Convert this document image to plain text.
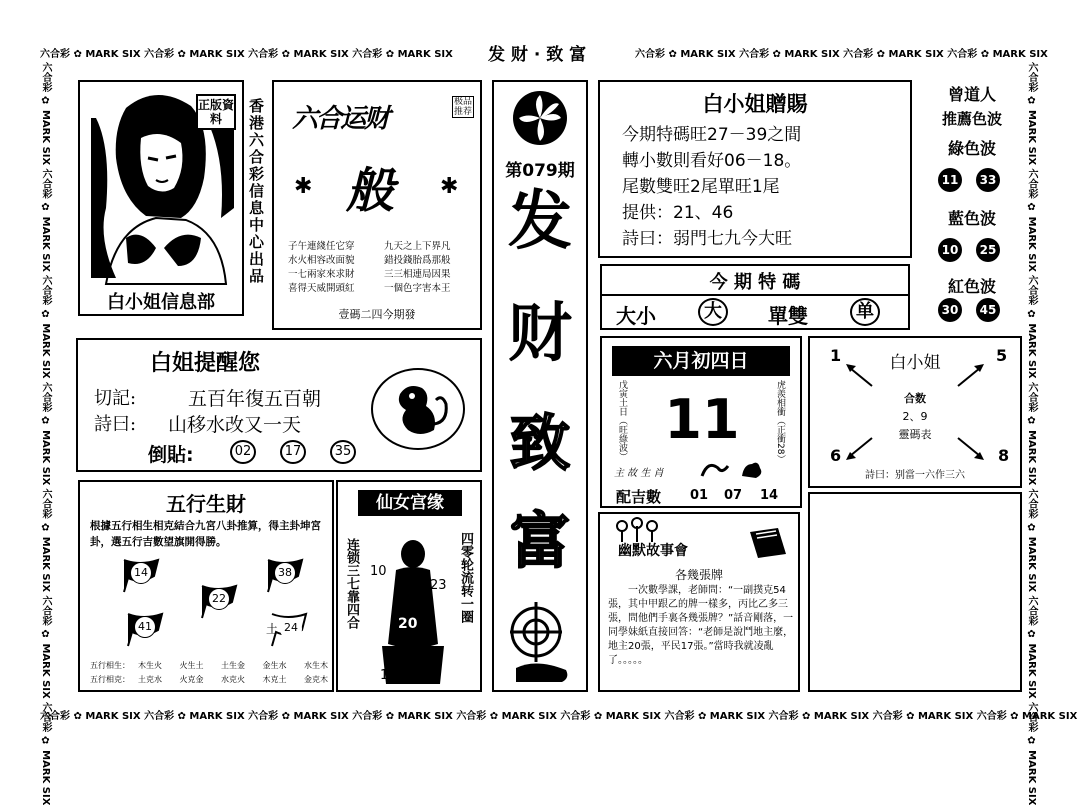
六合彩 ✿ MARK SIX 六合彩 ✿ MARK SIX 六合彩 ✿ MARK SIX 六合彩 ✿ MARK SIX 发 财 · 致 富	六合彩 ✿ MARK SIX 六合彩 ✿ MARK SIX 六合彩 ✿ MARK SIX 六合彩 ✿ MARK SIX
六合彩 ✿ MARK SIX 六合彩 ✿ MARK SIX 六合彩 ✿ MARK SIX 六合彩 ✿ MARK SIX 六合彩 ✿ MARK SIX 六合彩 ✿ MARK SIX 六合彩 ✿ MARK SIX 六合彩 ✿ MARK SIX 六合彩 ✿ MARK SIX 六合彩 ✿ MARK SIX
六合彩 ✿ MARK SIX 六合彩 ✿ MARK SIX 六合彩 ✿ MARK SIX 六合彩 ✿ MARK SIX 六合彩 ✿ MARK SIX 六合彩 ✿ MARK SIX 六合彩 ✿ MARK SIX
六合彩 ✿ MARK SIX 六合彩 ✿ MARK SIX 六合彩 ✿ MARK SIX 六合彩 ✿ MARK SIX 六合彩 ✿ MARK SIX 六合彩 ✿ MARK SIX 六合彩 ✿ MARK SIX
正版資料
白小姐信息部
香港六合彩信息中心出品 六合运财
极品推荐
般
✱	✱
子午連綫任它穿	九天之上下界凡
水火相容改面貌	錯投錢胎爲那般
一七兩家來求財	三三相連局因果
喜得天威開頭紅	一個色字害本王
壹碼二四今期發
第079期
发
财
致
富
白小姐贈賜
今期特碼旺27－39之間
轉小數則看好06－18。
尾數雙旺2尾單旺1尾
提供：21、46
詩曰：弱門七九今大旺
今 期 特 碼
大小	大	單雙	单
曾道人
推薦色波
綠色波
11	33
藍色波
10	25
紅色波
30	45
白姐提醒您
切記:	五百年復五百朝
詩曰: 山移水改又一天
倒貼:	02	17	35
六月初四日
戊寅土日（旺綠波）	虎羨相衝（正衝28）
11
主 故 生 肖
配吉數 01 07 14
白小姐
1	5
6	8
合数
2、9
靈碼表
詩曰：别當一六作三六
五行生財
根據五行相生相克結合九宮八卦推算，得主卦坤宮卦，選五行吉數望旗開得勝。
14
22
38
41	土 24
五行相生： 木生火 火生土 土生金 金生水 水生木
五行相克： 土克水 火克金 水克火 木克土 金克木
仙女宫缘
连锁三七靠四合	四零轮流转一圈
10
23
20
15
幽默故事會
各幾張牌
一次數學課，老師問：“一副撲克54張，其中甲跟乙的牌一樣多，丙比乙多三張，問他們手裏各幾張牌？”話音剛落，一同學妹紙直接回答：“老師是說鬥地主麼，地主20張，平民17張。”當時我就凌亂了。。。。。
